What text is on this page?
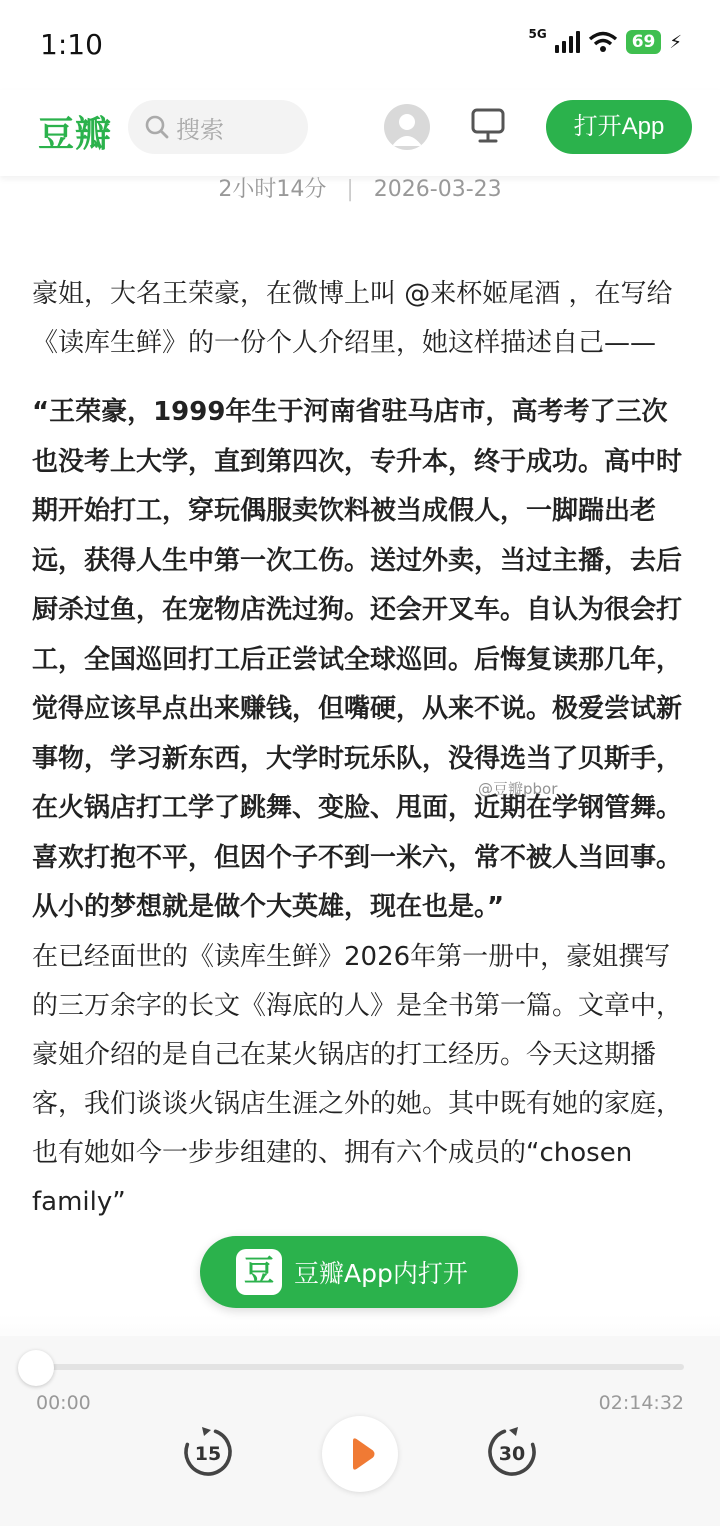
1:10	5G	69 ⚡
豆瓣	搜索	打开App
2小时14分 | 2026-03-23

豪姐，大名王荣豪，在微博上叫 @来杯姬尾酒 ，在写给《读库生鲜》的一份个人介绍里，她这样描述自己——

“王荣豪，1999年生于河南省驻马店市，高考考了三次也没考上大学，直到第四次，专升本，终于成功。高中时期开始打工，穿玩偶服卖饮料被当成假人，一脚踹出老远，获得人生中第一次工伤。送过外卖，当过主播，去后厨杀过鱼，在宠物店洗过狗。还会开叉车。自认为很会打工，全国巡回打工后正尝试全球巡回。后悔复读那几年，觉得应该早点出来赚钱，但嘴硬，从来不说。极爱尝试新事物，学习新东西，大学时玩乐队，没得选当了贝斯手，在火锅店打工学了跳舞、变脸、甩面，近期在学钢管舞。喜欢打抱不平，但因个子不到一米六，常不被人当回事。从小的梦想就是做个大英雄，现在也是。”

在已经面世的《读库生鲜》2026年第一册中，豪姐撰写的三万余字的长文《海底的人》是全书第一篇。文章中，豪姐介绍的是自己在某火锅店的打工经历。今天这期播客，我们谈谈火锅店生涯之外的她。其中既有她的家庭，也有她如今一步步组建的、拥有六个成员的“chosen family”

@豆瓣pbor
豆 豆瓣App内打开
00:00	02:14:32
15	30
